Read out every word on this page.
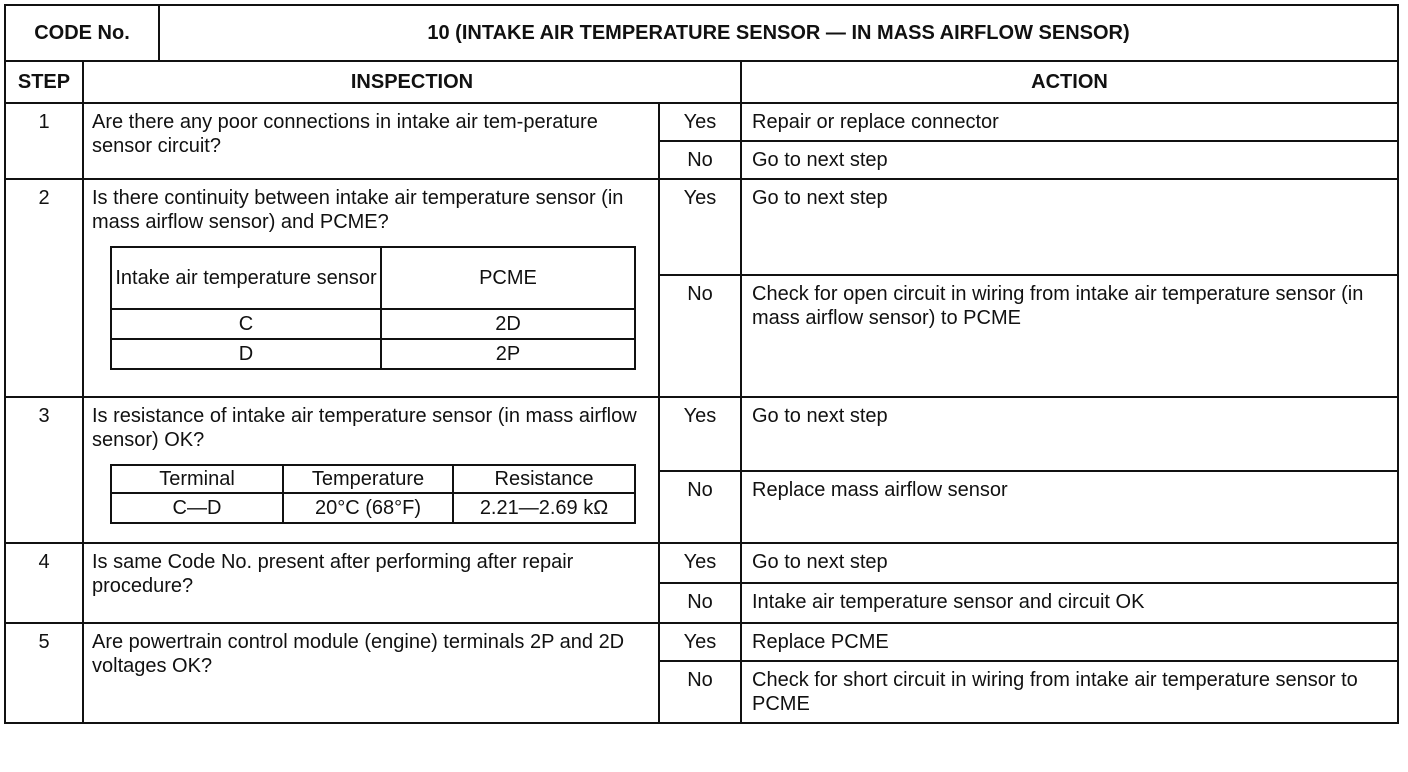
CODE No.	10 (INTAKE AIR TEMPERATURE SENSOR — IN MASS AIRFLOW SENSOR)
STEP	INSPECTION	ACTION
1	Are there any poor connections in intake air tem-perature sensor circuit?	Yes	Repair or replace connector
No	Go to next step
2	Is there continuity between intake air temperature sensor (in mass airflow sensor) and PCME?
Intake air temperature sensor	PCME
C	2D
D	2P
	Yes	Go to next step
No	Check for open circuit in wiring from intake air temperature sensor (in mass airflow sensor) to PCME
3	Is resistance of intake air temperature sensor (in mass airflow sensor) OK?
Terminal	Temperature	Resistance
C—D	20°C (68°F)	2.21—2.69 kΩ
	Yes	Go to next step
No	Replace mass airflow sensor
4	Is same Code No. present after performing after repair procedure?	Yes	Go to next step
No	Intake air temperature sensor and circuit OK
5	Are powertrain control module (engine) terminals 2P and 2D voltages OK?	Yes	Replace PCME
No	Check for short circuit in wiring from intake air temperature sensor to PCME
